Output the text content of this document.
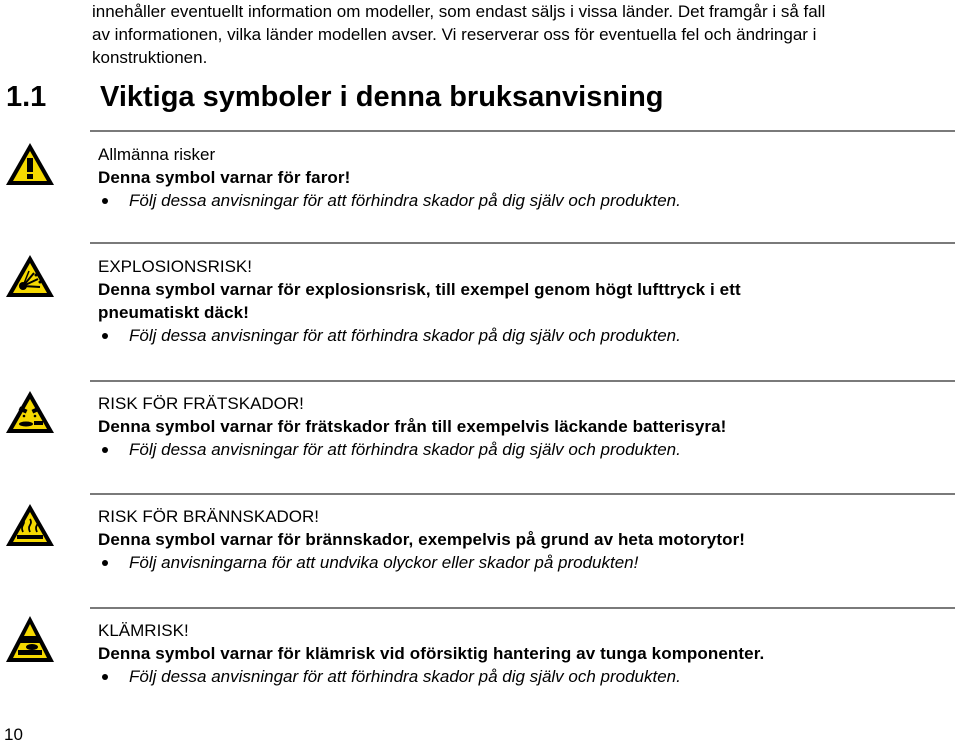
innehåller eventuellt information om modeller, som endast säljs i vissa länder. Det framgår i så fall
av informationen, vilka länder modellen avser. Vi reserverar oss för eventuella fel och ändringar i
konstruktionen.
1.1 Viktiga symboler i denna bruksanvisning
Allmänna risker
Denna symbol varnar för faror!
Följ dessa anvisningar för att förhindra skador på dig själv och produkten.
EXPLOSIONSRISK!
Denna symbol varnar för explosionsrisk, till exempel genom högt lufttryck i ett
pneumatiskt däck!
Följ dessa anvisningar för att förhindra skador på dig själv och produkten.
RISK FÖR FRÄTSKADOR!
Denna symbol varnar för frätskador från till exempelvis läckande batterisyra!
Följ dessa anvisningar för att förhindra skador på dig själv och produkten.
RISK FÖR BRÄNNSKADOR!
Denna symbol varnar för brännskador, exempelvis på grund av heta motorytor!
Följ anvisningarna för att undvika olyckor eller skador på produkten!
KLÄMRISK!
Denna symbol varnar för klämrisk vid oförsiktig hantering av tunga komponenter.
Följ dessa anvisningar för att förhindra skador på dig själv och produkten.
10
